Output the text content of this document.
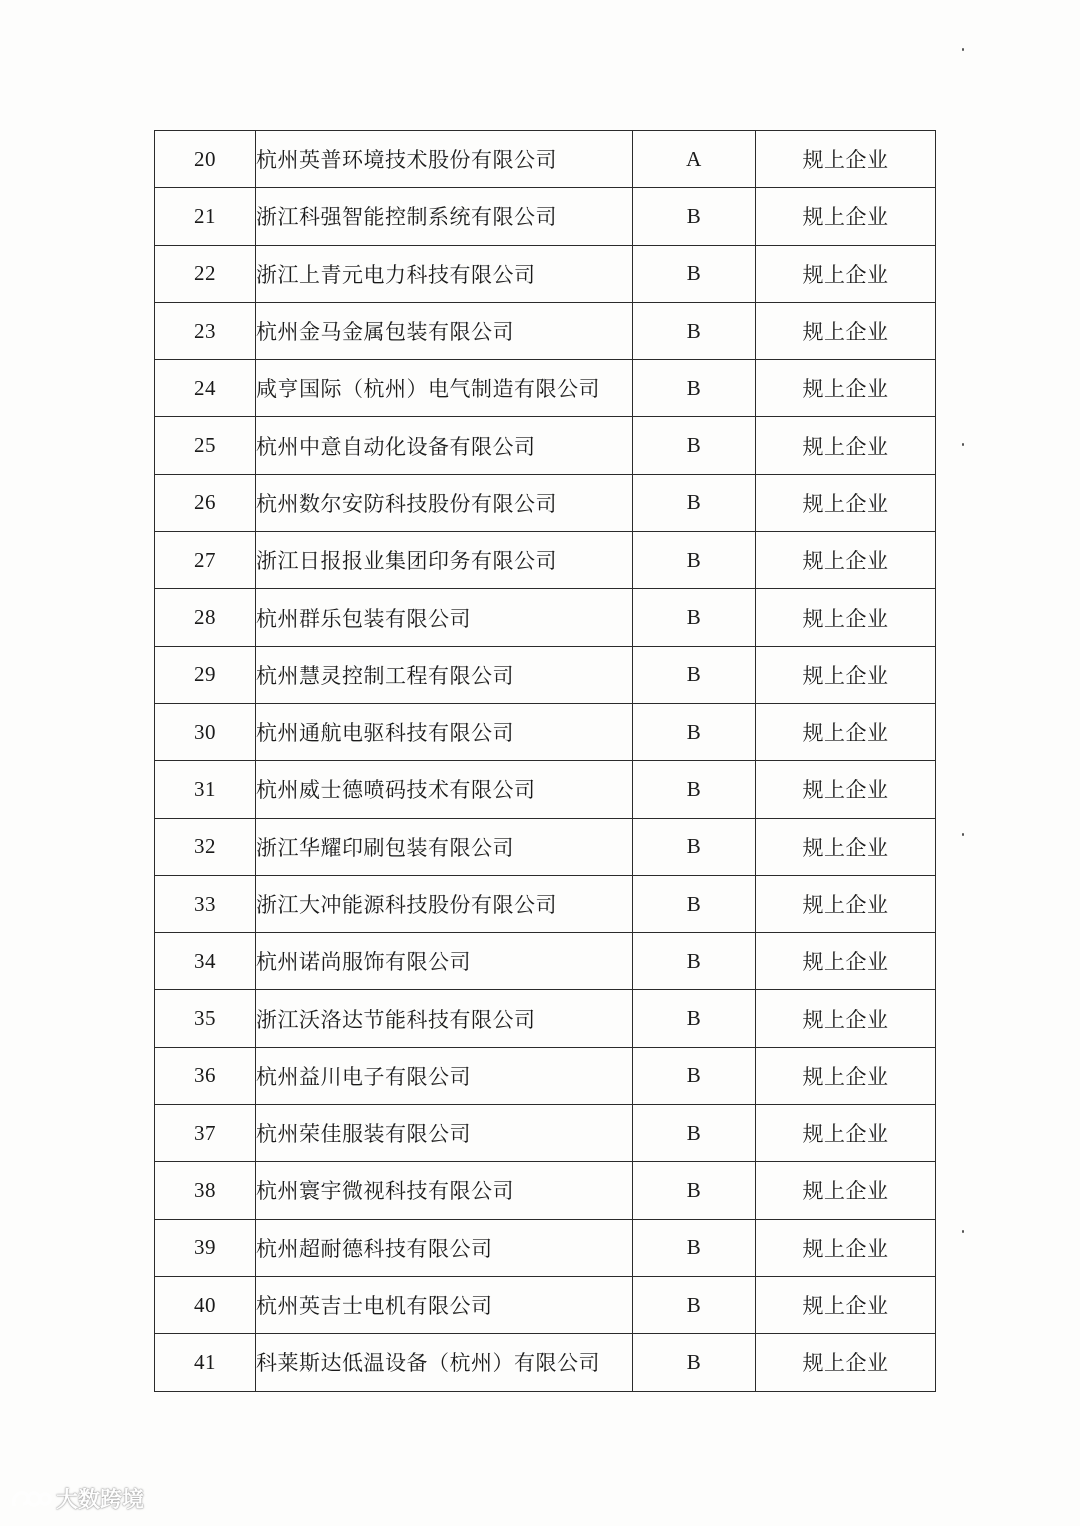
20	杭州英普环境技术股份有限公司	A	规上企业
21	浙江科强智能控制系统有限公司	B	规上企业
22	浙江上青元电力科技有限公司	B	规上企业
23	杭州金马金属包装有限公司	B	规上企业
24	咸亨国际（杭州）电气制造有限公司	B	规上企业
25	杭州中意自动化设备有限公司	B	规上企业
26	杭州数尔安防科技股份有限公司	B	规上企业
27	浙江日报报业集团印务有限公司	B	规上企业
28	杭州群乐包装有限公司	B	规上企业
29	杭州慧灵控制工程有限公司	B	规上企业
30	杭州通航电驱科技有限公司	B	规上企业
31	杭州威士德喷码技术有限公司	B	规上企业
32	浙江华耀印刷包装有限公司	B	规上企业
33	浙江大冲能源科技股份有限公司	B	规上企业
34	杭州诺尚服饰有限公司	B	规上企业
35	浙江沃洛达节能科技有限公司	B	规上企业
36	杭州益川电子有限公司	B	规上企业
37	杭州荣佳服装有限公司	B	规上企业
38	杭州寰宇微视科技有限公司	B	规上企业
39	杭州超耐德科技有限公司	B	规上企业
40	杭州英吉士电机有限公司	B	规上企业
41	科莱斯达低温设备（杭州）有限公司	B	规上企业
大数跨境
